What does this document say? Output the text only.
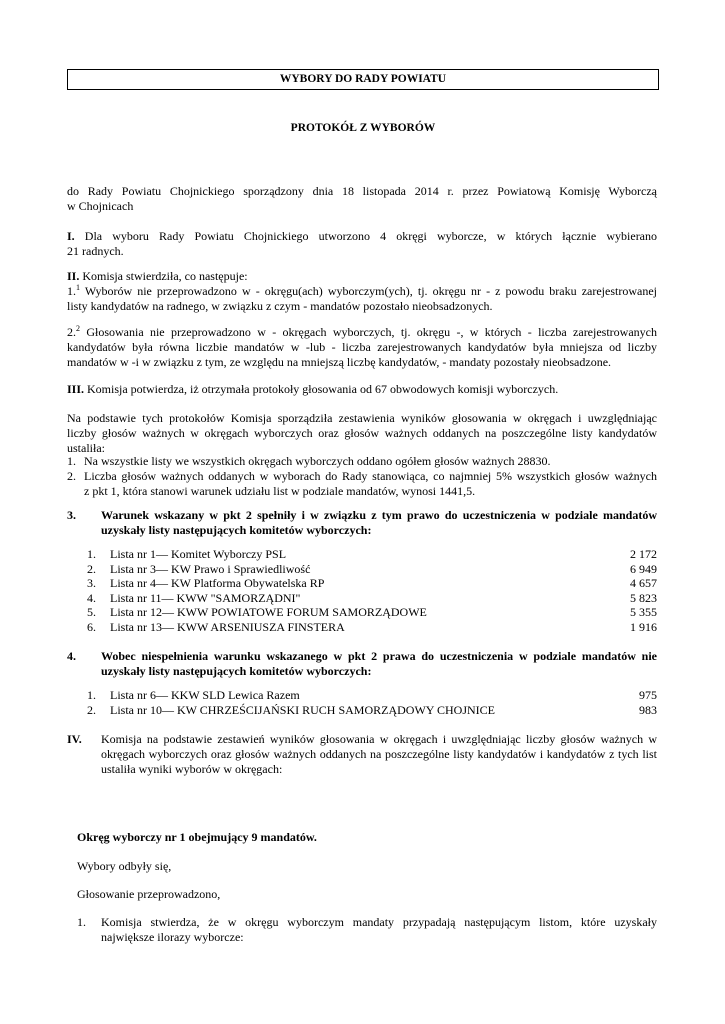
WYBORY DO RADY POWIATU
PROTOKÓŁ Z WYBORÓW
do Rady Powiatu Chojnickiego sporządzony dnia 18 listopada 2014 r. przez Powiatową Komisję Wyborczą
w Chojnicach
I. Dla wyboru Rady Powiatu Chojnickiego utworzono 4 okręgi wyborcze, w których łącznie wybierano
21 radnych.
II. Komisja stwierdziła, co następuje:
1.$^1$ Wyborów nie przeprowadzono w - okręgu(ach) wyborczym(ych), tj. okręgu nr - z powodu braku zarejestrowanej
listy kandydatów na radnego, w związku z czym - mandatów pozostało nieobsadzonych.
2.$^2$ Głosowania nie przeprowadzono w - okręgach wyborczych, tj. okręgu -, w których - liczba zarejestrowanych
kandydatów była równa liczbie mandatów w -lub - liczba zarejestrowanych kandydatów była mniejsza od liczby
mandatów w -i w związku z tym, ze względu na mniejszą liczbę kandydatów, - mandaty pozostały nieobsadzone.
III. Komisja potwierdza, iż otrzymała protokoły głosowania od 67 obwodowych komisji wyborczych.
Na podstawie tych protokołów Komisja sporządziła zestawienia wyników głosowania w okręgach i uwzględniając
liczby głosów ważnych w okręgach wyborczych oraz głosów ważnych oddanych na poszczególne listy kandydatów
ustaliła:
1. Na wszystkie listy we wszystkich okręgach wyborczych oddano ogółem głosów ważnych 28830.
2. Liczba głosów ważnych oddanych w wyborach do Rady stanowiąca, co najmniej 5% wszystkich głosów ważnych
z pkt 1, która stanowi warunek udziału list w podziale mandatów, wynosi 1441,5.
3. Warunek wskazany w pkt 2 spełniły i w związku z tym prawo do uczestniczenia w podziale mandatów
uzyskały listy następujących komitetów wyborczych:
1. Lista nr 1— Komitet Wyborczy PSL	2 172
2. Lista nr 3— KW Prawo i Sprawiedliwość	6 949
3. Lista nr 4— KW Platforma Obywatelska RP	4 657
4. Lista nr 11— KWW "SAMORZĄDNI"	5 823
5. Lista nr 12— KWW POWIATOWE FORUM SAMORZĄDOWE	5 355
6. Lista nr 13— KWW ARSENIUSZA FINSTERA	1 916
4. Wobec niespełnienia warunku wskazanego w pkt 2 prawa do uczestniczenia w podziale mandatów nie
uzyskały listy następujących komitetów wyborczych:
1. Lista nr 6— KKW SLD Lewica Razem	975
2. Lista nr 10— KW CHRZEŚCIJAŃSKI RUCH SAMORZĄDOWY CHOJNICE	983
IV. Komisja na podstawie zestawień wyników głosowania w okręgach i uwzględniając liczby głosów ważnych w
okręgach wyborczych oraz głosów ważnych oddanych na poszczególne listy kandydatów i kandydatów z tych list
ustaliła wyniki wyborów w okręgach:
Okręg wyborczy nr 1 obejmujący 9 mandatów.
Wybory odbyły się,
Głosowanie przeprowadzono,
1. Komisja stwierdza, że w okręgu wyborczym mandaty przypadają następującym listom, które uzyskały
największe ilorazy wyborcze:
